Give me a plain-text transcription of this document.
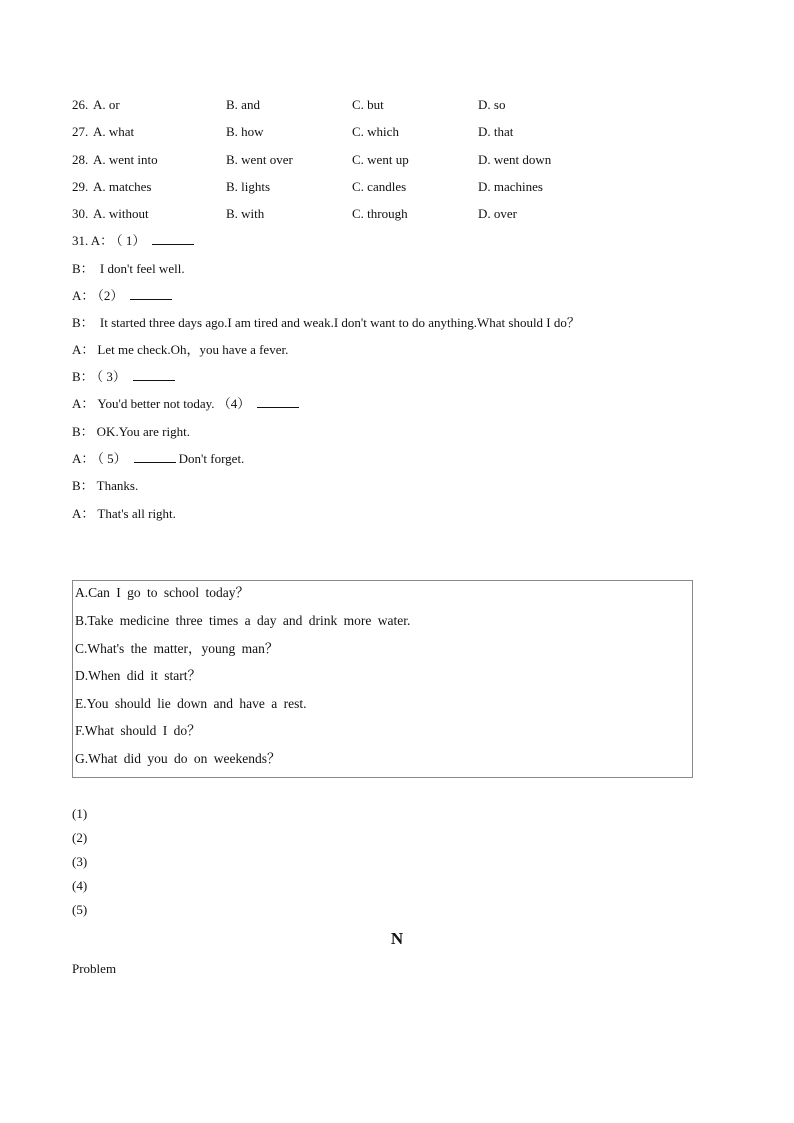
26. A. or	B. and	C. but	D. so
27. A. what	B. how	C. which	D. that
28. A. went into	B. went over	C. went up	D. went down
29. A. matches	B. lights	C. candles	D. machines
30. A. without	B. with	C. through	D. over
31. A： （ 1）
B： I don't feel well.
A： （2）
B： It started three days ago.I am tired and weak.I don't want to do anything.What should I do？
A： Let me check.Oh，you have a fever.
B： （ 3）
A： You'd better not today. （4）
B： OK.You are right.
A： （ 5）	Don't forget.
B： Thanks.
A： That's all right.
A.Can I go to school today？
B.Take medicine three times a day and drink more water.
C.What's the matter，young man？
D.When did it start？
E.You should lie down and have a rest.
F.What should I do？
G.What did you do on weekends？
(1)
(2)
(3)
(4)
(5)
N
Problem
